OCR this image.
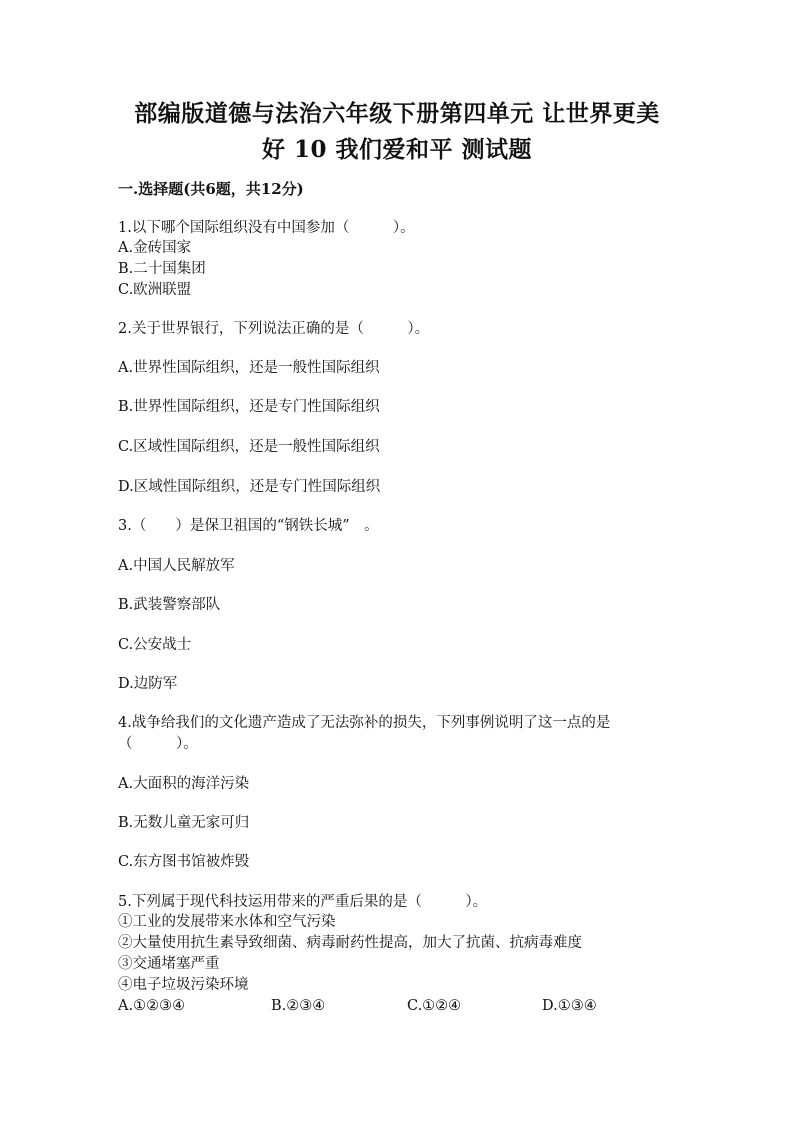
部编版道德与法治六年级下册第四单元 让世界更美
好 10 我们爱和平 测试题
一.选择题(共6题，共12分)
1.以下哪个国际组织没有中国参加（　　　）。
A.金砖国家
B.二十国集团
C.欧洲联盟
2.关于世界银行，下列说法正确的是（　　　）。
A.世界性国际组织，还是一般性国际组织
B.世界性国际组织，还是专门性国际组织
C.区域性国际组织，还是一般性国际组织
D.区域性国际组织，还是专门性国际组织
3.（　　）是保卫祖国的“钢铁长城”　。
A.中国人民解放军
B.武装警察部队
C.公安战士
D.边防军
4.战争给我们的文化遗产造成了无法弥补的损失，下列事例说明了这一点的是
（　　　）。
A.大面积的海洋污染
B.无数儿童无家可归
C.东方图书馆被炸毁
5.下列属于现代科技运用带来的严重后果的是（　　　）。
①工业的发展带来水体和空气污染
②大量使用抗生素导致细菌、病毒耐药性提高，加大了抗菌、抗病毒难度
③交通堵塞严重
④电子垃圾污染环境
A.①②③④	B.②③④	C.①②④	D.①③④
